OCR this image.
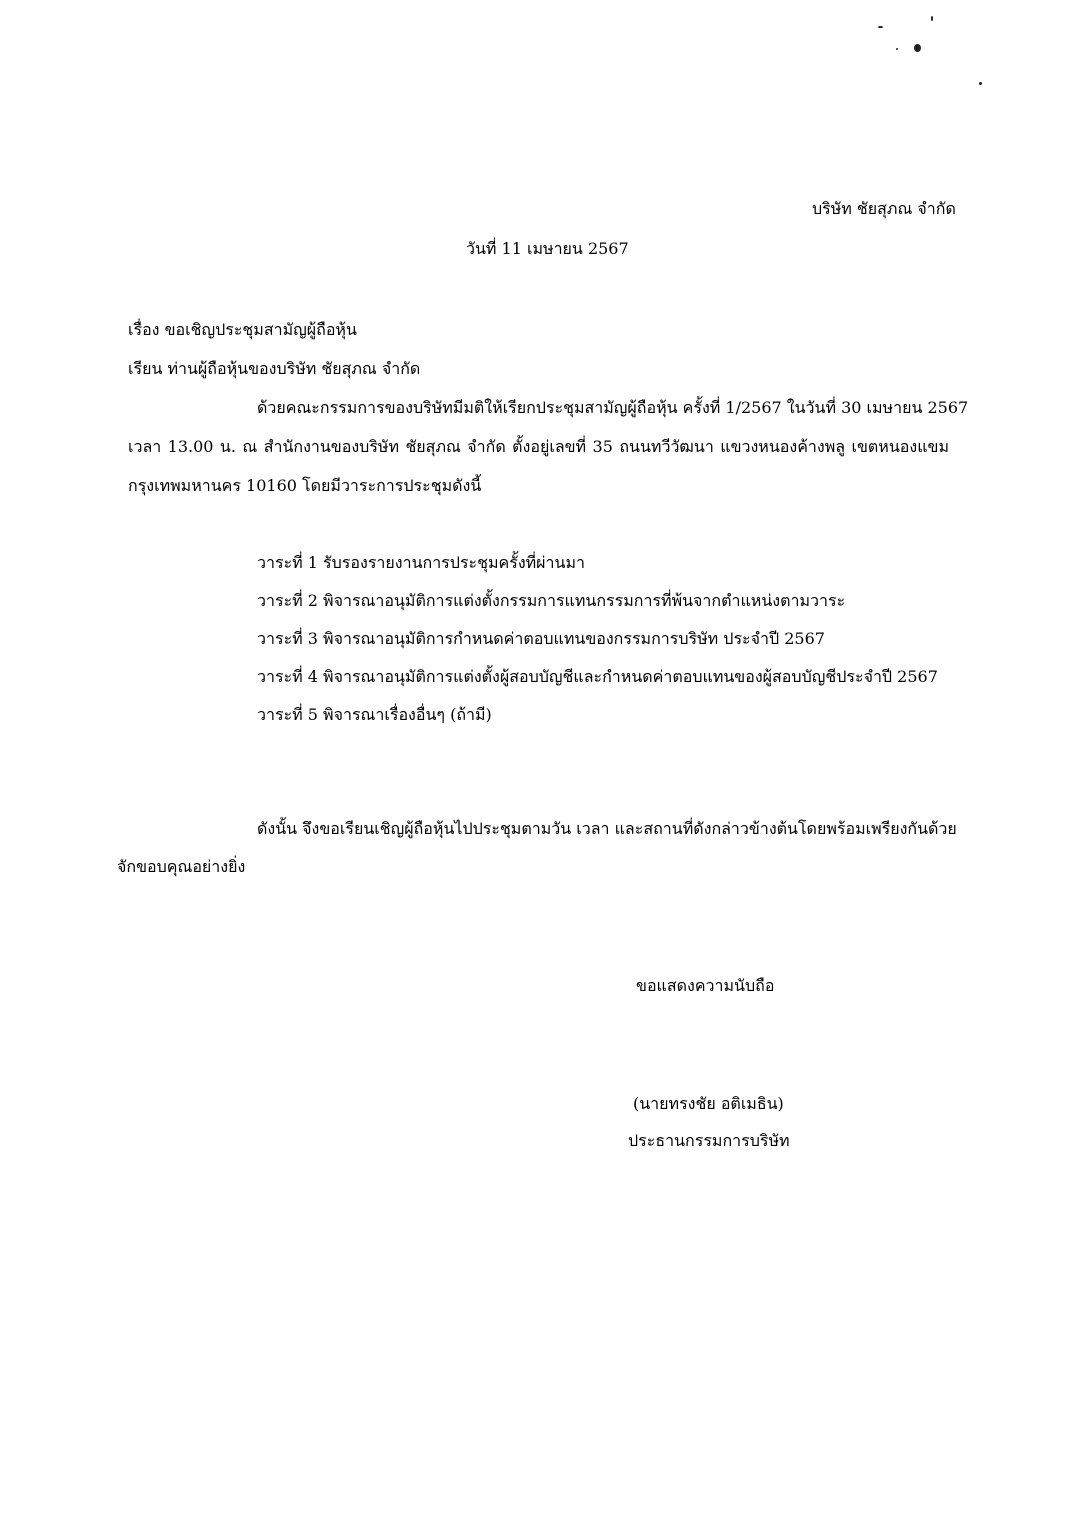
บริษัท ชัยสุภณ จำกัด
วันที่ 11 เมษายน 2567
เรื่อง ขอเชิญประชุมสามัญผู้ถือหุ้น
เรียน ท่านผู้ถือหุ้นของบริษัท ชัยสุภณ จำกัด
ด้วยคณะกรรมการของบริษัทมีมติให้เรียกประชุมสามัญผู้ถือหุ้น ครั้งที่ 1/2567 ในวันที่ 30 เมษายน 2567
เวลา 13.00 น. ณ สำนักงานของบริษัท ชัยสุภณ จำกัด ตั้งอยู่เลขที่ 35 ถนนทวีวัฒนา แขวงหนองค้างพลู เขตหนองแขม
กรุงเทพมหานคร 10160 โดยมีวาระการประชุมดังนี้
วาระที่ 1 รับรองรายงานการประชุมครั้งที่ผ่านมา
วาระที่ 2 พิจารณาอนุมัติการแต่งตั้งกรรมการแทนกรรมการที่พ้นจากตำแหน่งตามวาระ
วาระที่ 3 พิจารณาอนุมัติการกำหนดค่าตอบแทนของกรรมการบริษัท ประจำปี 2567
วาระที่ 4 พิจารณาอนุมัติการแต่งตั้งผู้สอบบัญชีและกำหนดค่าตอบแทนของผู้สอบบัญชีประจำปี 2567
วาระที่ 5 พิจารณาเรื่องอื่นๆ (ถ้ามี)
ดังนั้น จึงขอเรียนเชิญผู้ถือหุ้นไปประชุมตามวัน เวลา และสถานที่ดังกล่าวข้างต้นโดยพร้อมเพรียงกันด้วย
จักขอบคุณอย่างยิ่ง
ขอแสดงความนับถือ
(นายทรงชัย อติเมธิน)
ประธานกรรมการบริษัท
